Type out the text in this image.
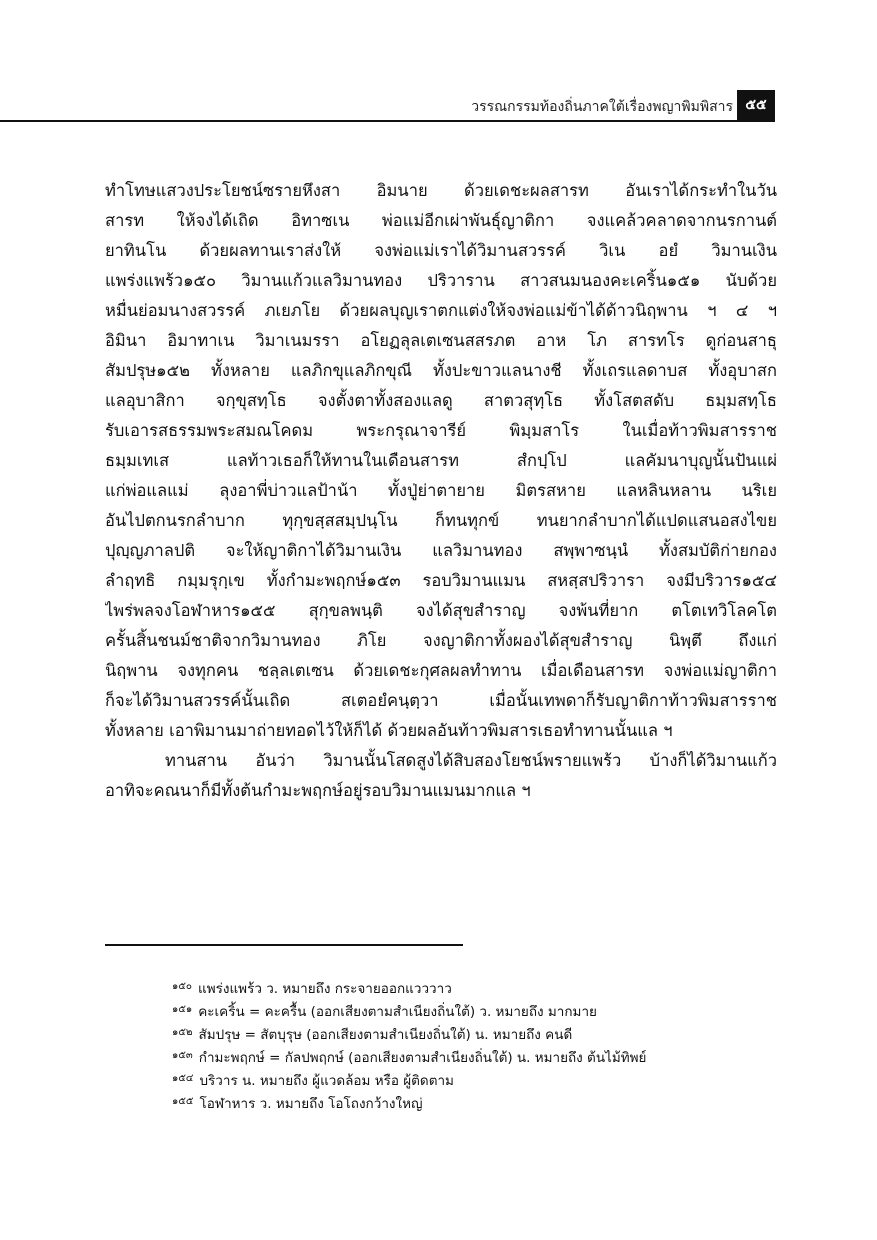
วรรณกรรมท้องถิ่นภาคใต้เรื่องพญาพิมพิสาร ๕๕
ทำโทษแสวงประโยชน์ซรายหึงสา อิมนาย ด้วยเดชะผลสารท อันเราได้กระทำในวัน
สารท ให้จงได้เถิด อิทาซเน พ่อแม่อีกเผ่าพันธุ์ญาติกา จงแคล้วคลาดจากนรกานต์
ยาทินโน ด้วยผลทานเราส่งให้ จงพ่อแม่เราได้วิมานสวรรค์ วิเน อยํ วิมานเงิน
แพร่งแพร้ว๑๕๐ วิมานแก้วแลวิมานทอง ปริวาราน สาวสนมนองคะเคริ้น๑๕๑ นับด้วย
หมื่นย่อมนางสวรรค์ ภเยภโย ด้วยผลบุญเราตกแต่งให้จงพ่อแม่ข้าได้ด้าวนิฤพาน ฯ ๔ ฯ
อิมินา อิมาทาเน วิมาเนมรรา อโยฏลุลเตเซนสสรภต อาห โภ สารทโร ดูก่อนสาธุ
สัมปรุษ๑๕๒ ทั้งหลาย แลภิกขุแลภิกขุณี ทั้งปะขาวแลนางชี ทั้งเถรแลดาบส ทั้งอุบาสก
แลอุบาสิกา จกฺขุสทฺโธ จงตั้งตาทั้งสองแลดู สาตวสุทฺโธ ทั้งโสตสดับ ธมฺมสทฺโธ
รับเอารสธรรมพระสมณโคดม พระกรุณาจารีย์ พิมฺมสาโร ในเมื่อท้าวพิมสารราช
ธมฺมเทเส แลท้าวเธอก็ให้ทานในเดือนสารท สํกปฺโป แลคัมนาบุญนั้นปันแผ่
แก่พ่อแลแม่ ลุงอาพี่บ่าวแลป้าน้า ทั้งปู่ย่าตายาย มิตรสหาย แลหลินหลาน นริเย
อันไปตกนรกลำบาก ทุกฺขสฺสสมฺปนฺโน ก็ทนทุกข์ ทนยากลำบากได้แปดแสนอสงไขย
ปุญฺญภาลปติ จะให้ญาติกาได้วิมานเงิน แลวิมานทอง สพฺพาซนฺนํ ทั้งสมบัติก่ายกอง
ลำฤทธิ กมฺมรุกฺเข ทั้งกำมะพฤกษ์๑๕๓ รอบวิมานแมน สหสฺสปริวารา จงมีบริวาร๑๕๔
ไพร่พลจงโอฬาหาร๑๕๕ สุกฺขลพนฺติ จงได้สุขสำราญ จงพ้นที่ยาก ตโตเทวิโลคโต
ครั้นสิ้นชนม์ชาติจากวิมานทอง ภิโย จงญาติกาทั้งผองได้สุขสำราญ นิพฺตึ ถึงแก่
นิฤพาน จงทุกคน ชลฺลเตเซน ด้วยเดชะกุศลผลทำทาน เมื่อเดือนสารท จงพ่อแม่ญาติกา
ก็จะได้วิมานสวรรค์นั้นเถิด สเตอยํคนฺตฺวา เมื่อนั้นเทพดาก็รับญาติกาท้าวพิมสารราช
ทั้งหลาย เอาพิมานมาถ่ายทอดไว้ให้ก็ได้ ด้วยผลอันท้าวพิมสารเธอทำทานนั้นแล ฯ
ทานสาน อันว่า วิมานนั้นโสดสูงได้สิบสองโยชน์พรายแพร้ว บ้างก็ได้วิมานแก้ว
อาทิจะคณนาก็มีทั้งต้นกำมะพฤกษ์อยู่รอบวิมานแมนมากแล ฯ
$^{๑๕๐}$ แพร่งแพร้ว ว. หมายถึง กระจายออกแวววาว
$^{๑๕๑}$ คะเคริ้น = คะครื้น (ออกเสียงตามสำเนียงถิ่นใต้) ว. หมายถึง มากมาย
$^{๑๕๒}$ สัมปรุษ = สัตบุรุษ (ออกเสียงตามสำเนียงถิ่นใต้) น. หมายถึง คนดี
$^{๑๕๓}$ กำมะพฤกษ์ = กัลปพฤกษ์ (ออกเสียงตามสำเนียงถิ่นใต้) น. หมายถึง ต้นไม้ทิพย์
$^{๑๕๔}$ บริวาร น. หมายถึง ผู้แวดล้อม หรือ ผู้ติดตาม
$^{๑๕๕}$ โอฬาหาร ว. หมายถึง โอโถงกว้างใหญ่
